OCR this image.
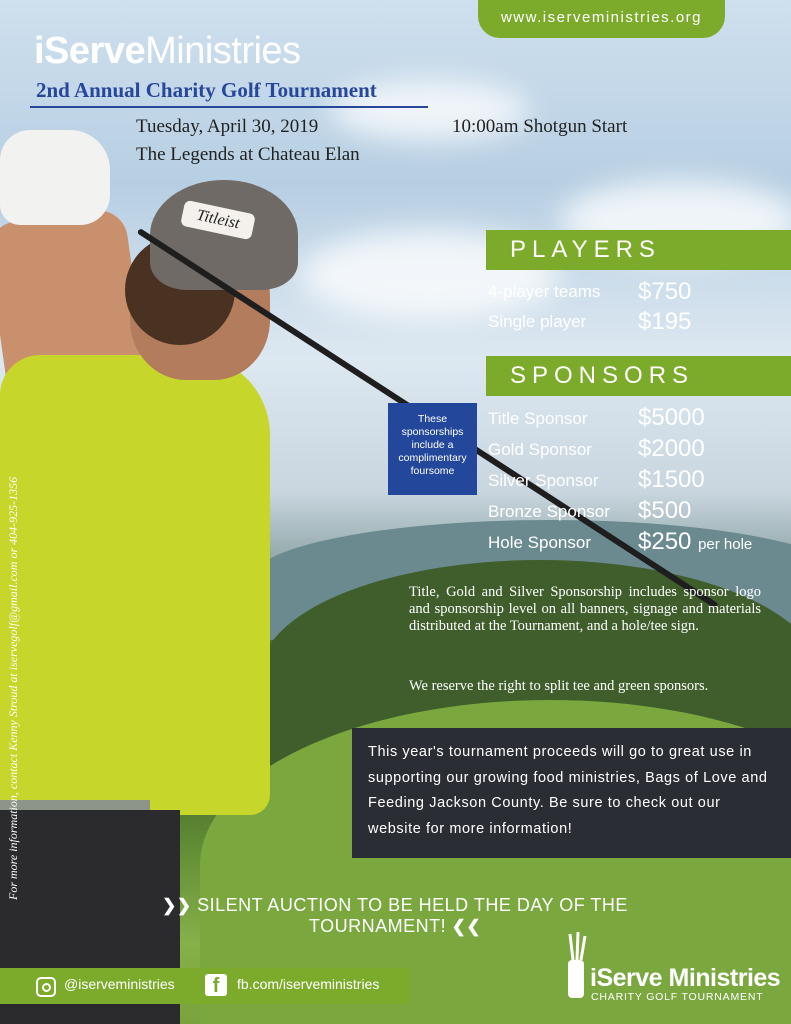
Titleist
www.iserveministries.org
iServeMinistries
2nd Annual Charity Golf Tournament
Tuesday, April 30, 2019	10:00am Shotgun Start
The Legends at Chateau Elan
PLAYERS
4-player teams $750
Single player $195
SPONSORS
These sponsorships include a complimentary foursome
Title Sponsor $5000
Gold Sponsor $2000
Silver Sponsor $1500
Bronze Sponsor $500
Hole Sponsor $250 per hole
Title, Gold and Silver Sponsorship includes sponsor logo and sponsorship level on all banners, signage and materials distributed at the Tournament, and a hole/tee sign.
We reserve the right to split tee and green sponsors.
This year's tournament proceeds will go to great use in supporting our growing food ministries, Bags of Love and Feeding Jackson County. Be sure to check out our website for more information!
❯❯ SILENT AUCTION TO BE HELD THE DAY OF THE TOURNAMENT! ❮❮
For more information, contact Kenny Stroud at iservegolf@gmail.com or 404-925-1356
@iserveministries	f	fb.com/iserveministries	iServe Ministries
CHARITY GOLF TOURNAMENT
